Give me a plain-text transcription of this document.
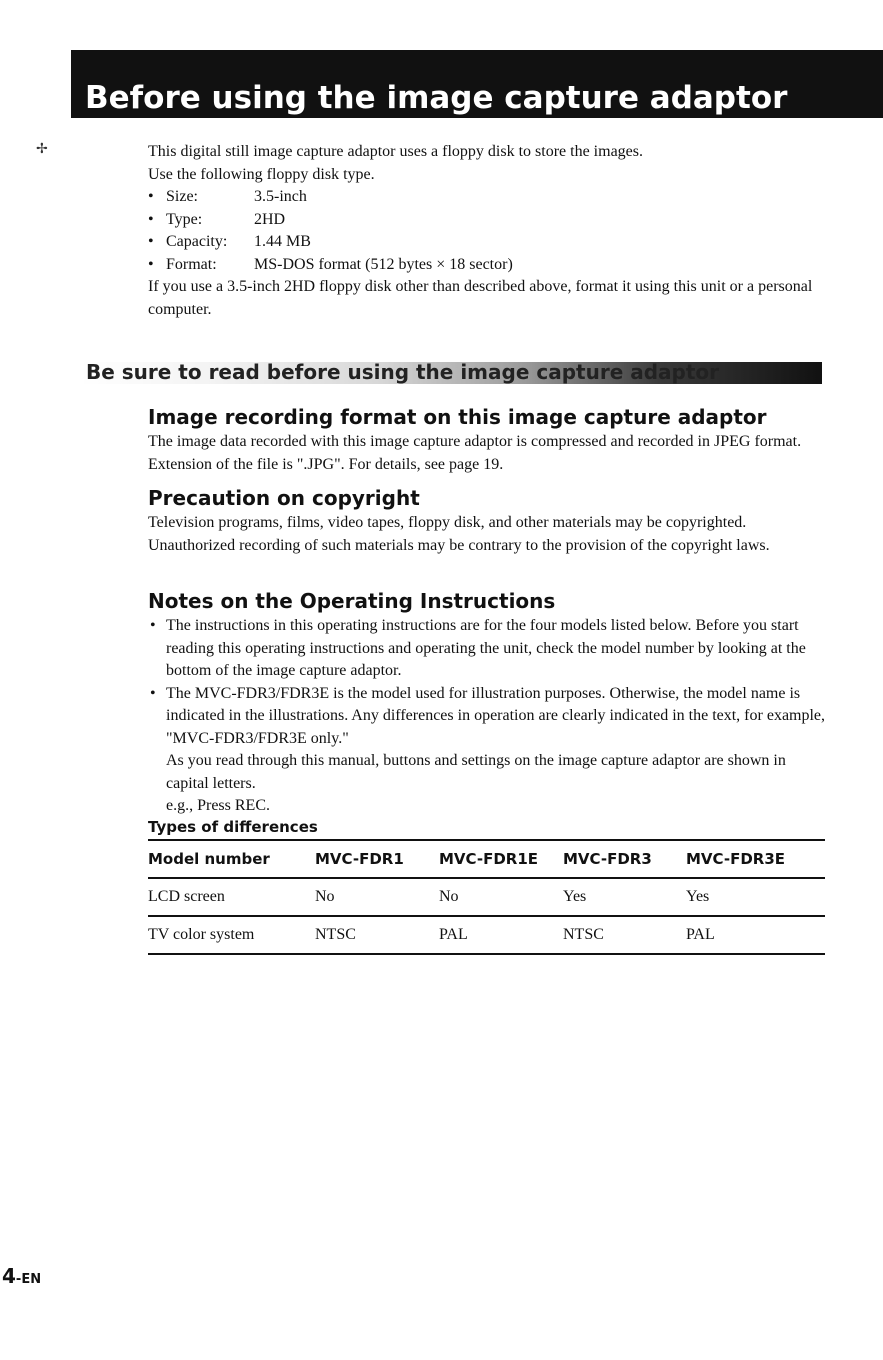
Before using the image capture adaptor
✢	This digital still image capture adaptor uses a floppy disk to store the images.

Use the following floppy disk type.

• Size:	3.5-inch
• Type:	2HD
• Capacity: 1.44 MB
• Format: MS-DOS format (512 bytes × 18 sector)

If you use a 3.5-inch 2HD floppy disk other than described above, format it using this unit or a personal computer.

Be sure to read before using the image capture adaptor
Image recording format on this image capture adaptor

The image data recorded with this image capture adaptor is compressed and recorded in JPEG format. Extension of the file is ".JPG". For details, see page 19.

Precaution on copyright

Television programs, films, video tapes, floppy disk, and other materials may be copyrighted. Unauthorized recording of such materials may be contrary to the provision of the copyright laws.

Notes on the Operating Instructions
• The instructions in this operating instructions are for the four models listed below. Before you start reading this operating instructions and operating the unit, check the model number by looking at the bottom of the image capture adaptor.
• The MVC-FDR3/FDR3E is the model used for illustration purposes. Otherwise, the model name is indicated in the illustrations. Any differences in operation are clearly indicated in the text, for example, "MVC-FDR3/FDR3E only."

As you read through this manual, buttons and settings on the image capture adaptor are shown in capital letters.

e.g., Press REC.

Types of differences
Model number	MVC-FDR1	MVC-FDR1E	MVC-FDR3	MVC-FDR3E
LCD screen	No	No	Yes	Yes
TV color system	NTSC	PAL	NTSC	PAL
4-EN
